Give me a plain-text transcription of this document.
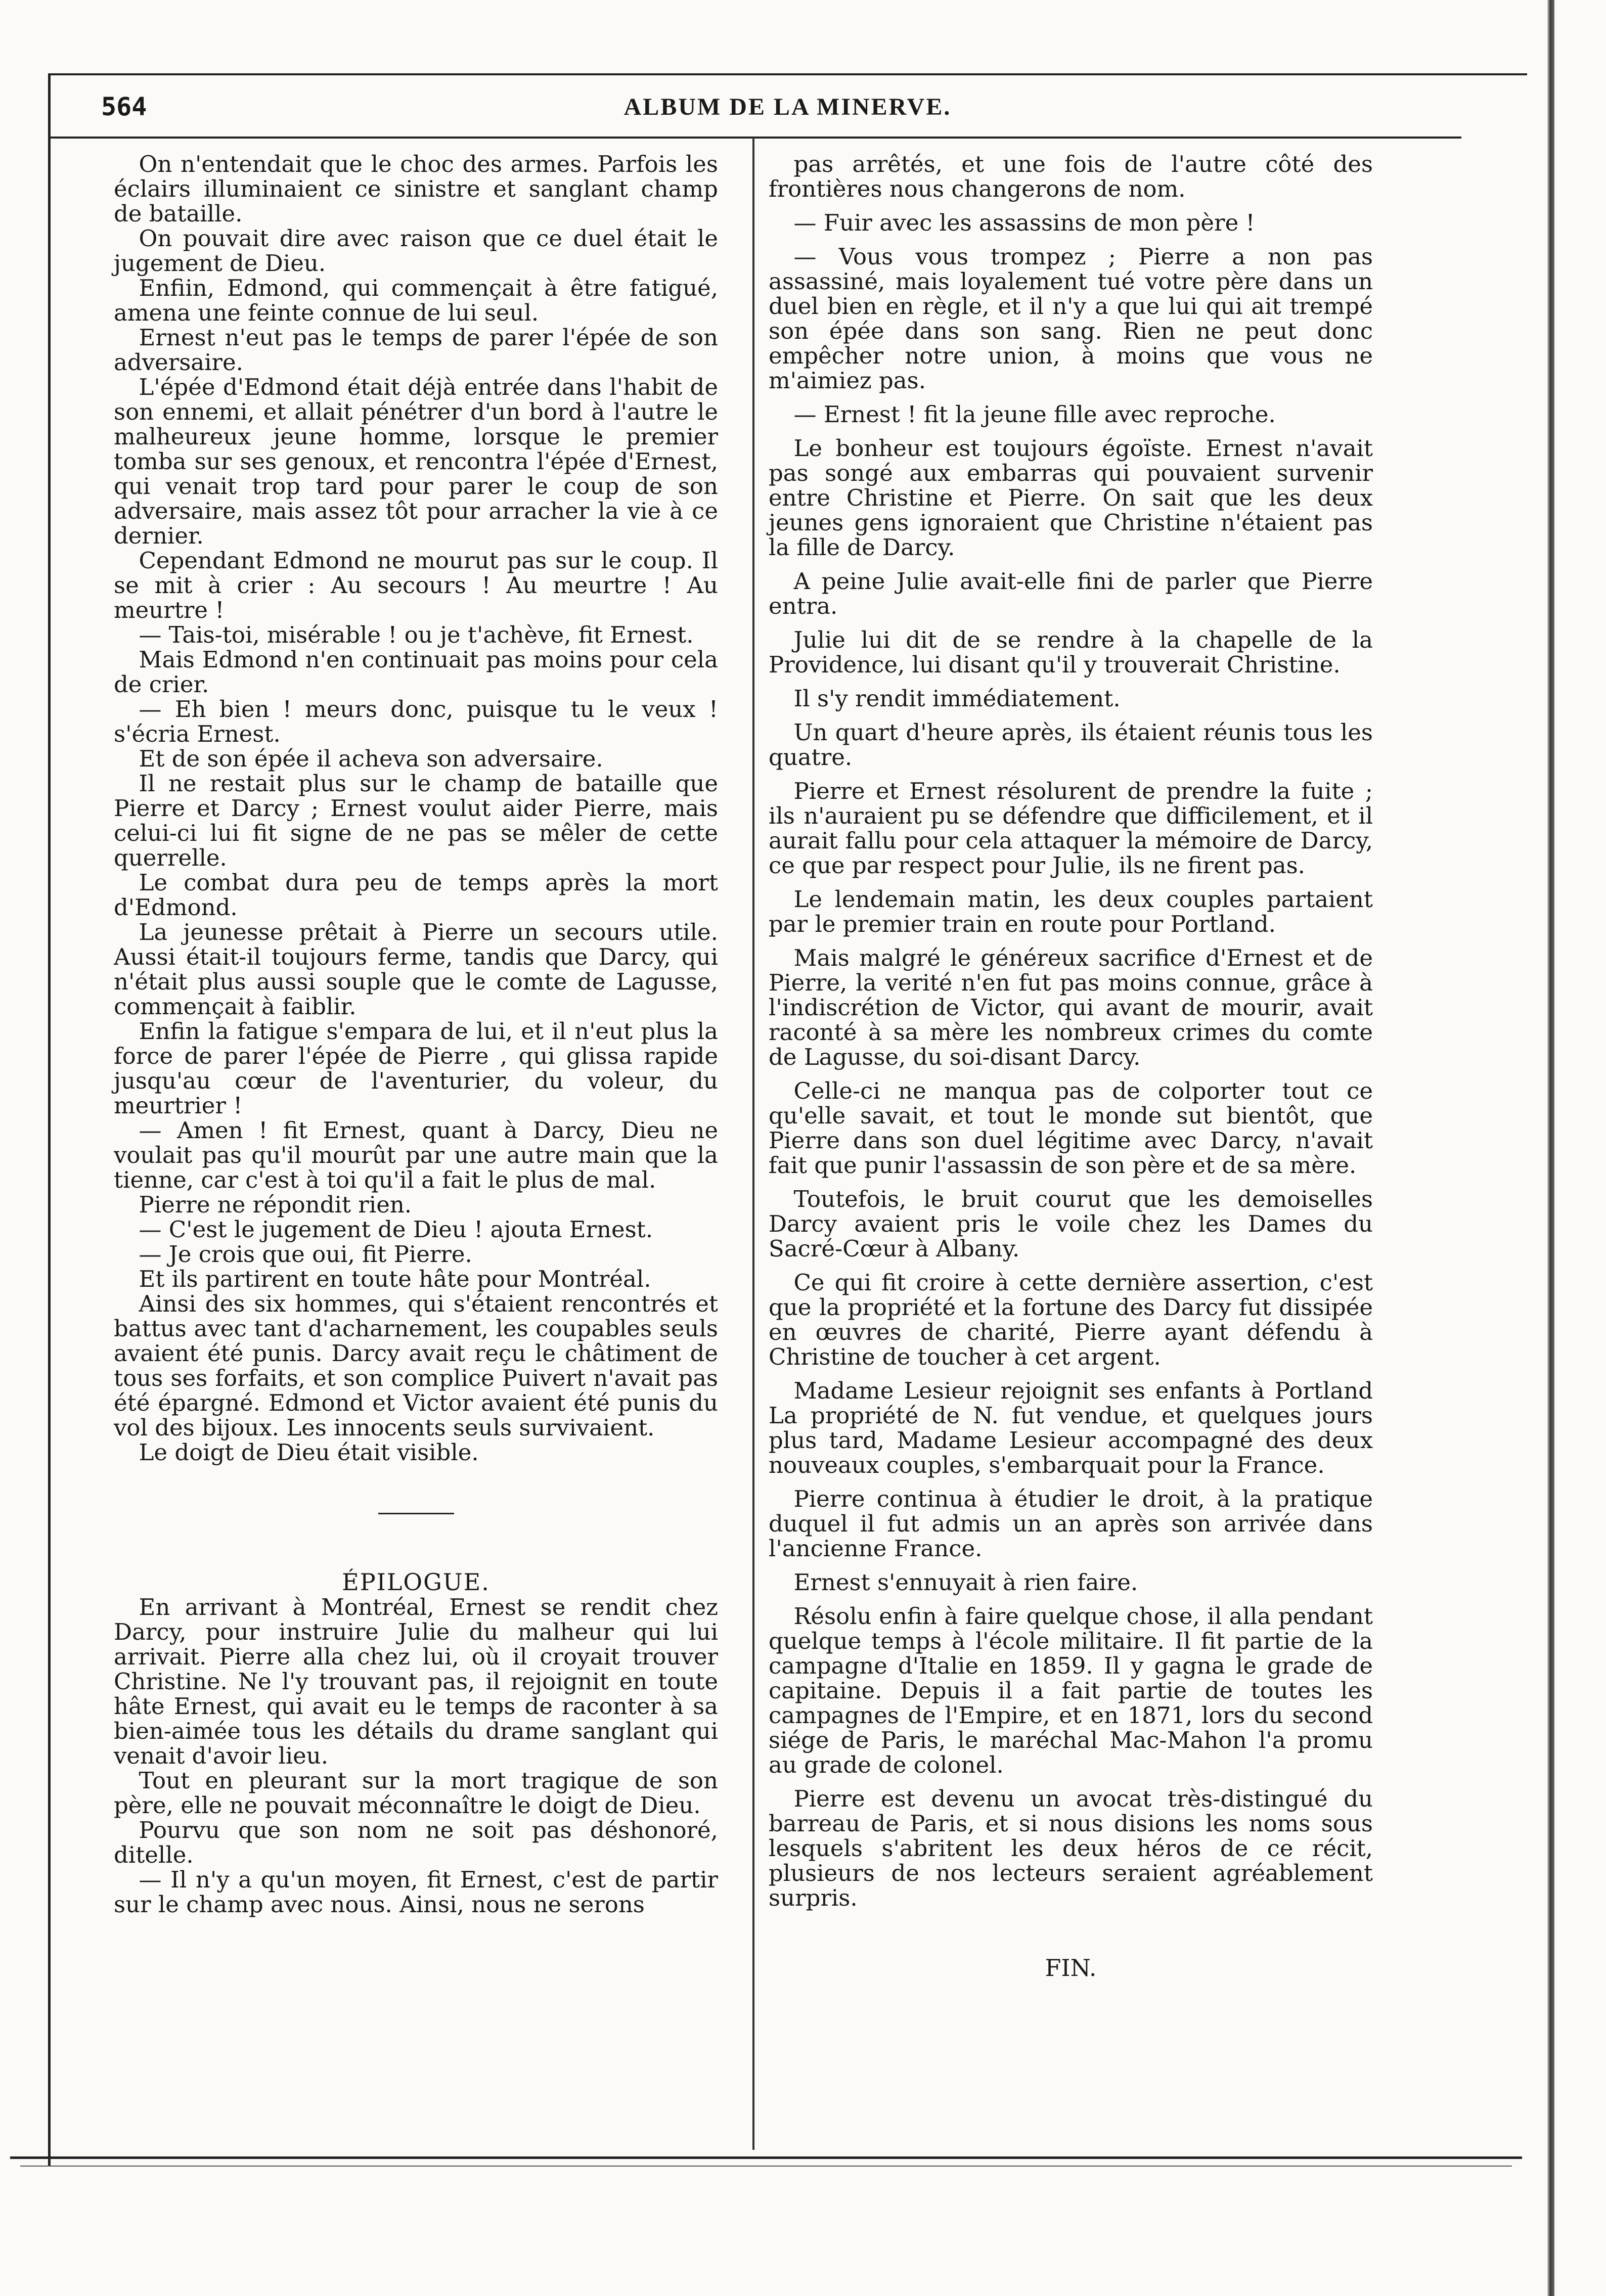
564	ALBUM DE LA MINERVE.

On n'entendait que le choc des armes. Parfois les éclairs illuminaient ce sinistre et sanglant champ de bataille.

On pouvait dire avec raison que ce duel était le jugement de Dieu.

Enfiin, Edmond, qui commençait à être fatigué, amena une feinte connue de lui seul.

Ernest n'eut pas le temps de parer l'épée de son adversaire.

L'épée d'Edmond était déjà entrée dans l'habit de son ennemi, et allait pénétrer d'un bord à l'autre le malheureux jeune homme, lorsque le premier tomba sur ses genoux, et rencontra l'épée d'Ernest, qui venait trop tard pour parer le coup de son adversaire, mais assez tôt pour arracher la vie à ce dernier.

Cependant Edmond ne mourut pas sur le coup. Il se mit à crier : Au secours ! Au meurtre ! Au meurtre !

— Tais-toi, misérable ! ou je t'achève, fit Ernest.

Mais Edmond n'en continuait pas moins pour cela de crier.

— Eh bien ! meurs donc, puisque tu le veux ! s'écria Ernest.

Et de son épée il acheva son adversaire.

Il ne restait plus sur le champ de bataille que Pierre et Darcy ; Ernest voulut aider Pierre, mais celui-ci lui fit signe de ne pas se mêler de cette querrelle.

Le combat dura peu de temps après la mort d'Edmond.

La jeunesse prêtait à Pierre un secours utile. Aussi était-il toujours ferme, tandis que Darcy, qui n'était plus aussi souple que le comte de Lagusse, commençait à faiblir.

Enfin la fatigue s'empara de lui, et il n'eut plus la force de parer l'épée de Pierre , qui glissa rapide jusqu'au cœur de l'aventurier, du voleur, du meurtrier !

— Amen ! fit Ernest, quant à Darcy, Dieu ne voulait pas qu'il mourût par une autre main que la tienne, car c'est à toi qu'il a fait le plus de mal.

Pierre ne répondit rien.

— C'est le jugement de Dieu ! ajouta Ernest.

— Je crois que oui, fit Pierre.

Et ils partirent en toute hâte pour Montréal.

Ainsi des six hommes, qui s'étaient rencontrés et battus avec tant d'acharnement, les coupables seuls avaient été punis. Darcy avait reçu le châtiment de tous ses forfaits, et son complice Puivert n'avait pas été épargné. Edmond et Victor avaient été punis du vol des bijoux. Les innocents seuls survivaient.

Le doigt de Dieu était visible.

ÉPILOGUE.

En arrivant à Montréal, Ernest se rendit chez Darcy, pour instruire Julie du malheur qui lui arrivait. Pierre alla chez lui, où il croyait trouver Christine. Ne l'y trouvant pas, il rejoignit en toute hâte Ernest, qui avait eu le temps de raconter à sa bien-aimée tous les détails du drame sanglant qui venait d'avoir lieu.

Tout en pleurant sur la mort tragique de son père, elle ne pouvait méconnaître le doigt de Dieu.

Pourvu que son nom ne soit pas déshonoré, ditelle.

— Il n'y a qu'un moyen, fit Ernest, c'est de partir sur le champ avec nous. Ainsi, nous ne serons

pas arrêtés, et une fois de l'autre côté des frontières nous changerons de nom.

— Fuir avec les assassins de mon père !

— Vous vous trompez ; Pierre a non pas assassiné, mais loyalement tué votre père dans un duel bien en règle, et il n'y a que lui qui ait trempé son épée dans son sang. Rien ne peut donc empêcher notre union, à moins que vous ne m'aimiez pas.

— Ernest ! fit la jeune fille avec reproche.

Le bonheur est toujours égoïste. Ernest n'avait pas songé aux embarras qui pouvaient survenir entre Christine et Pierre. On sait que les deux jeunes gens ignoraient que Christine n'étaient pas la fille de Darcy.

A peine Julie avait-elle fini de parler que Pierre entra.

Julie lui dit de se rendre à la chapelle de la Providence, lui disant qu'il y trouverait Christine.

Il s'y rendit immédiatement.

Un quart d'heure après, ils étaient réunis tous les quatre.

Pierre et Ernest résolurent de prendre la fuite ; ils n'auraient pu se défendre que difficilement, et il aurait fallu pour cela attaquer la mémoire de Darcy, ce que par respect pour Julie, ils ne firent pas.

Le lendemain matin, les deux couples partaient par le premier train en route pour Portland.

Mais malgré le généreux sacrifice d'Ernest et de Pierre, la verité n'en fut pas moins connue, grâce à l'indiscrétion de Victor, qui avant de mourir, avait raconté à sa mère les nombreux crimes du comte de Lagusse, du soi-disant Darcy.

Celle-ci ne manqua pas de colporter tout ce qu'elle savait, et tout le monde sut bientôt, que Pierre dans son duel légitime avec Darcy, n'avait fait que punir l'assassin de son père et de sa mère.

Toutefois, le bruit courut que les demoiselles Darcy avaient pris le voile chez les Dames du Sacré-Cœur à Albany.

Ce qui fit croire à cette dernière assertion, c'est que la propriété et la fortune des Darcy fut dissipée en œuvres de charité, Pierre ayant défendu à Christine de toucher à cet argent.

Madame Lesieur rejoignit ses enfants à Portland La propriété de N. fut vendue, et quelques jours plus tard, Madame Lesieur accompagné des deux nouveaux couples, s'embarquait pour la France.

Pierre continua à étudier le droit, à la pratique duquel il fut admis un an après son arrivée dans l'ancienne France.

Ernest s'ennuyait à rien faire.

Résolu enfin à faire quelque chose, il alla pendant quelque temps à l'école militaire. Il fit partie de la campagne d'Italie en 1859. Il y gagna le grade de capitaine. Depuis il a fait partie de toutes les campagnes de l'Empire, et en 1871, lors du second siége de Paris, le maréchal Mac-Mahon l'a promu au grade de colonel.

Pierre est devenu un avocat très-distingué du barreau de Paris, et si nous disions les noms sous lesquels s'abritent les deux héros de ce récit, plusieurs de nos lecteurs seraient agréablement surpris.

FIN.
